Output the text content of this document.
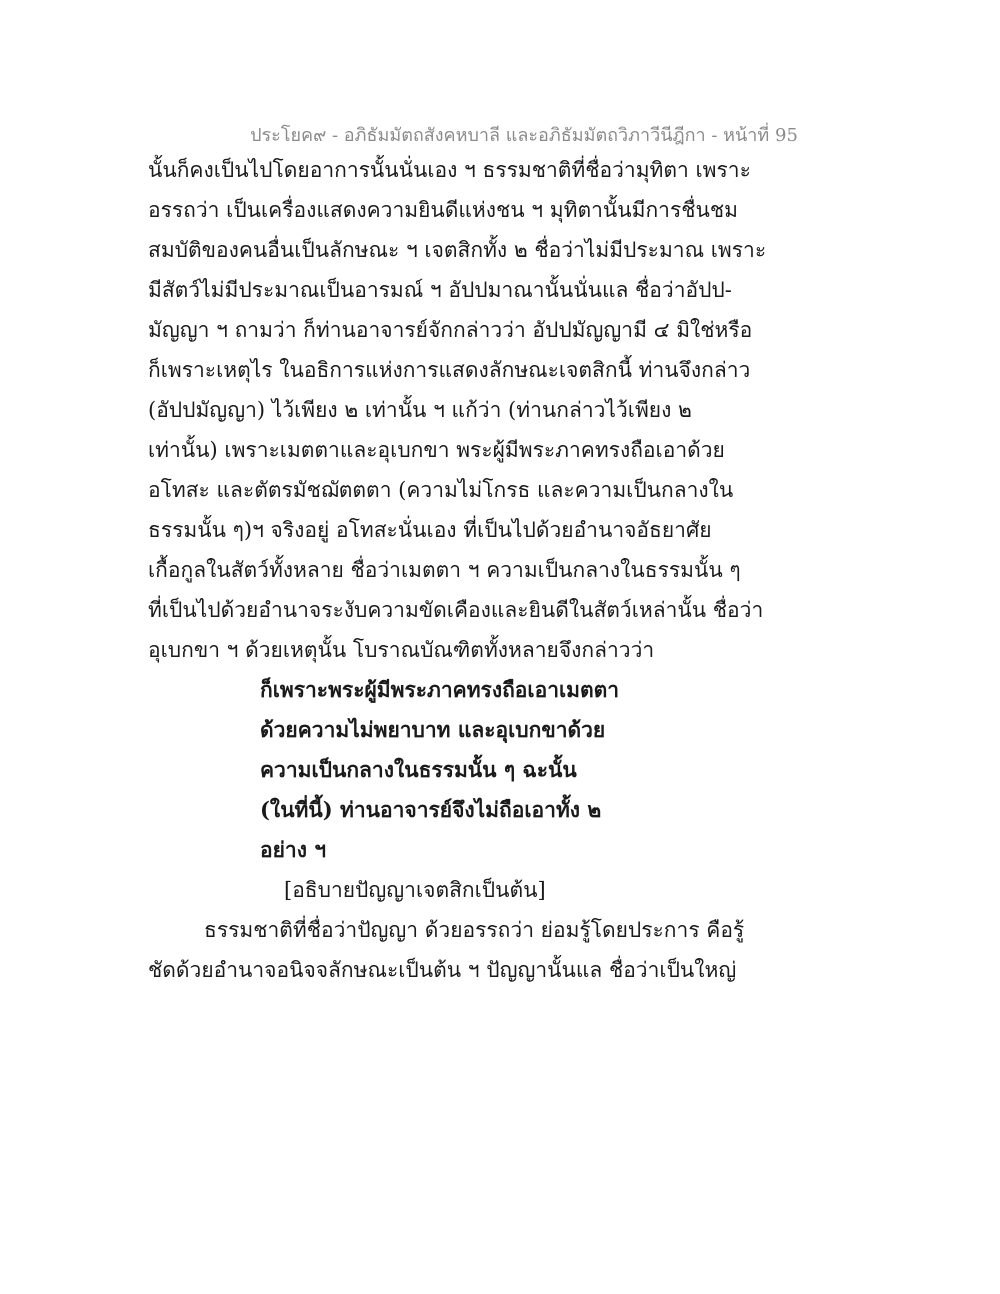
ประโยค๙ - อภิธัมมัตถสังคหบาลี และอภิธัมมัตถวิภาวีนีฎีกา - หน้าที่ 95
นั้นก็คงเป็นไปโดยอาการนั้นนั่นเอง ฯ ธรรมชาติที่ชื่อว่ามุทิตา เพราะ
อรรถว่า เป็นเครื่องแสดงความยินดีแห่งชน ฯ มุทิตานั้นมีการชื่นชม
สมบัติของคนอื่นเป็นลักษณะ ฯ เจตสิกทั้ง ๒ ชื่อว่าไม่มีประมาณ เพราะ
มีสัตว์ไม่มีประมาณเป็นอารมณ์ ฯ อัปปมาณานั้นนั่นแล ชื่อว่าอัปป-
มัญญา ฯ ถามว่า ก็ท่านอาจารย์จักกล่าวว่า อัปปมัญญามี ๔ มิใช่หรือ
ก็เพราะเหตุไร ในอธิการแห่งการแสดงลักษณะเจตสิกนี้ ท่านจึงกล่าว
(อัปปมัญญา) ไว้เพียง ๒ เท่านั้น ฯ แก้ว่า (ท่านกล่าวไว้เพียง ๒
เท่านั้น) เพราะเมตตาและอุเบกขา พระผู้มีพระภาคทรงถือเอาด้วย
อโทสะ และตัตรมัชฌัตตตา (ความไม่โกรธ และความเป็นกลางใน
ธรรมนั้น ๆ)ฯ จริงอยู่ อโทสะนั่นเอง ที่เป็นไปด้วยอำนาจอัธยาศัย
เกื้อกูลในสัตว์ทั้งหลาย ชื่อว่าเมตตา ฯ ความเป็นกลางในธรรมนั้น ๆ
ที่เป็นไปด้วยอำนาจระงับความขัดเคืองและยินดีในสัตว์เหล่านั้น ชื่อว่า
อุเบกขา ฯ ด้วยเหตุนั้น โบราณบัณฑิตทั้งหลายจึงกล่าวว่า
ก็เพราะพระผู้มีพระภาคทรงถือเอาเมตตา
ด้วยความไม่พยาบาท และอุเบกขาด้วย
ความเป็นกลางในธรรมนั้น ๆ ฉะนั้น
(ในที่นี้) ท่านอาจารย์จึงไม่ถือเอาทั้ง ๒
อย่าง ฯ
[อธิบายปัญญาเจตสิกเป็นต้น]
ธรรมชาติที่ชื่อว่าปัญญา ด้วยอรรถว่า ย่อมรู้โดยประการ คือรู้
ชัดด้วยอำนาจอนิจจลักษณะเป็นต้น ฯ ปัญญานั้นแล ชื่อว่าเป็นใหญ่
